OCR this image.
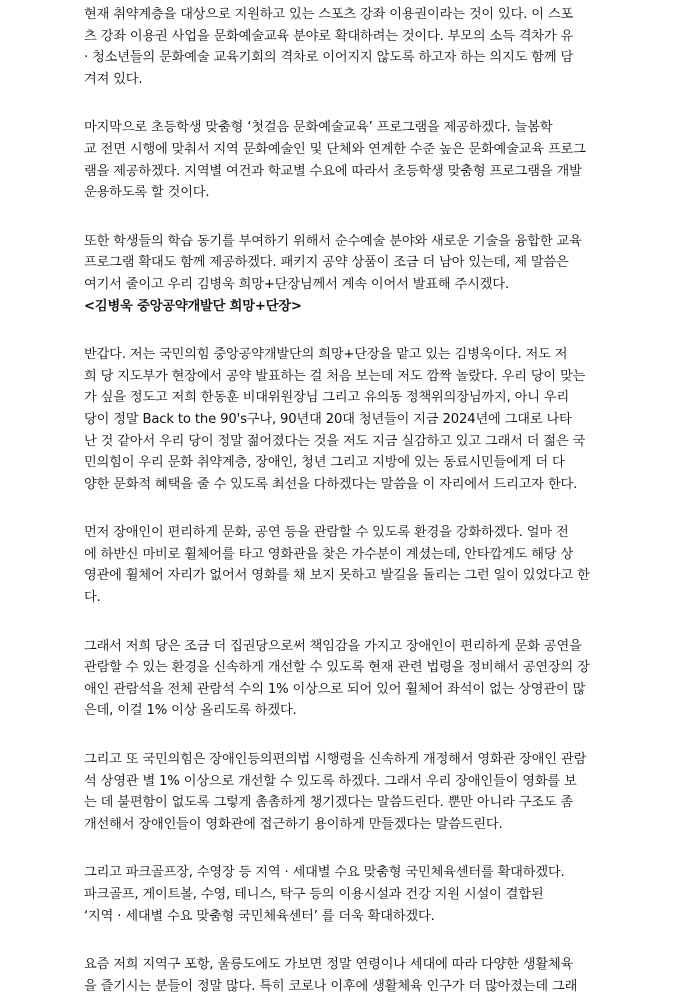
현재 취약계층을 대상으로 지원하고 있는 스포츠 강좌 이용권이라는 것이 있다. 이 스포
츠 강좌 이용권 사업을 문화예술교육 분야로 확대하려는 것이다. 부모의 소득 격차가 유
· 청소년들의 문화예술 교육기회의 격차로 이어지지 않도록 하고자 하는 의지도 함께 담
겨져 있다.
마지막으로 초등학생 맞춤형 ‘첫걸음 문화예술교육’ 프로그램을 제공하겠다. 늘봄학
교 전면 시행에 맞춰서 지역 문화예술인 및 단체와 연계한 수준 높은 문화예술교육 프로그
램을 제공하겠다. 지역별 여건과 학교별 수요에 따라서 초등학생 맞춤형 프로그램을 개발
운용하도록 할 것이다.
또한 학생들의 학습 동기를 부여하기 위해서 순수예술 분야와 새로운 기술을 융합한 교육
프로그램 확대도 함께 제공하겠다. 패키지 공약 상품이 조금 더 남아 있는데, 제 말씀은
여기서 줄이고 우리 김병욱 희망+단장님께서 계속 이어서 발표해 주시겠다.
<김병욱 중앙공약개발단 희망+단장>
반갑다. 저는 국민의힘 중앙공약개발단의 희망+단장을 맡고 있는 김병욱이다. 저도 저
희 당 지도부가 현장에서 공약 발표하는 걸 처음 보는데 저도 깜짝 놀랐다. 우리 당이 맞는
가 싶을 정도고 저희 한동훈 비대위원장님 그리고 유의동 정책위의장님까지, 아니 우리
당이 정말 Back to the 90's구나, 90년대 20대 청년들이 지금 2024년에 그대로 나타
난 것 같아서 우리 당이 정말 젊어졌다는 것을 저도 지금 실감하고 있고 그래서 더 젊은 국
민의힘이 우리 문화 취약계층, 장애인, 청년 그리고 지방에 있는 동료시민들에게 더 다
양한 문화적 혜택을 줄 수 있도록 최선을 다하겠다는 말씀을 이 자리에서 드리고자 한다.
먼저 장애인이 편리하게 문화, 공연 등을 관람할 수 있도록 환경을 강화하겠다. 얼마 전
에 하반신 마비로 휠체어를 타고 영화관을 찾은 가수분이 계셨는데, 안타깝게도 해당 상
영관에 휠체어 자리가 없어서 영화를 채 보지 못하고 발길을 돌리는 그런 일이 있었다고 한
다.
그래서 저희 당은 조금 더 집권당으로써 책임감을 가지고 장애인이 편리하게 문화 공연을
관람할 수 있는 환경을 신속하게 개선할 수 있도록 현재 관련 법령을 정비해서 공연장의 장
애인 관람석을 전체 관람석 수의 1% 이상으로 되어 있어 휠체어 좌석이 없는 상영관이 많
은데, 이걸 1% 이상 올리도록 하겠다.
그리고 또 국민의힘은 장애인등의편의법 시행령을 신속하게 개정해서 영화관 장애인 관람
석 상영관 별 1% 이상으로 개선할 수 있도록 하겠다. 그래서 우리 장애인들이 영화를 보
는 데 불편함이 없도록 그렇게 촘촘하게 챙기겠다는 말씀드린다. 뿐만 아니라 구조도 좀
개선해서 장애인들이 영화관에 접근하기 용이하게 만들겠다는 말씀드린다.
그리고 파크골프장, 수영장 등 지역 · 세대별 수요 맞춤형 국민체육센터를 확대하겠다.
파크골프, 게이트볼, 수영, 테니스, 탁구 등의 이용시설과 건강 지원 시설이 결합된
‘지역 · 세대별 수요 맞춤형 국민체육센터’ 를 더욱 확대하겠다.
요즘 저희 지역구 포항, 울릉도에도 가보면 정말 연령이나 세대에 따라 다양한 생활체육
을 즐기시는 분들이 정말 많다. 특히 코로나 이후에 생활체육 인구가 더 많아졌는데 그래
